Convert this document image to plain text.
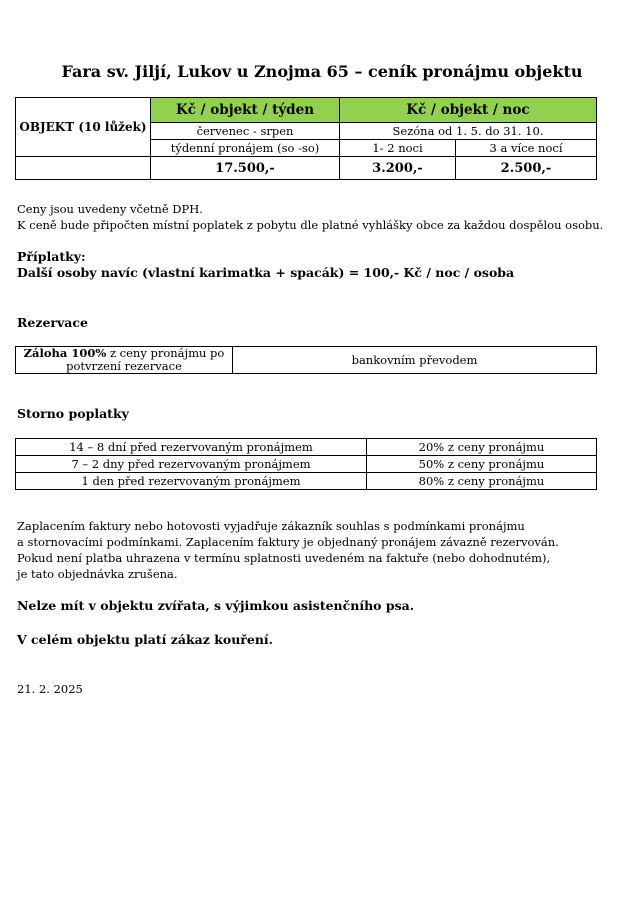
Fara sv. Jiljí, Lukov u Znojma 65 – ceník pronájmu objektu
OBJEKT (10 lůžek)	Kč / objekt / týden	Kč / objekt / noc	
	červenec - srpen	Sezóna od 1. 5. do 31. 10.	
	týdenní pronájem (so -so)	1- 2 noci	3 a více nocí
	17.500,-	3.200,-	2.500,-
Ceny jsou uvedeny včetně DPH.
K ceně bude připočten místní poplatek z pobytu dle platné vyhlášky obce za každou dospělou osobu.
Příplatky:
Další osoby navíc (vlastní karimatka + spacák) = 100,- Kč / noc / osoba
Rezervace
Záloha 100% z ceny pronájmu po potvrzení rezervace	bankovním převodem
Storno poplatky
14 – 8 dní před rezervovaným pronájmem	20% z ceny pronájmu
7 – 2 dny před rezervovaným pronájmem	50% z ceny pronájmu
1 den před rezervovaným pronájmem	80% z ceny pronájmu
Zaplacením faktury nebo hotovosti vyjadřuje zákazník souhlas s podmínkami pronájmu
a stornovacími podmínkami. Zaplacením faktury je objednaný pronájem závazně rezervován.
Pokud není platba uhrazena v termínu splatnosti uvedeném na faktuře (nebo dohodnutém),
je tato objednávka zrušena.
Nelze mít v objektu zvířata, s výjimkou asistenčního psa.
V celém objektu platí zákaz kouření.
21. 2. 2025
